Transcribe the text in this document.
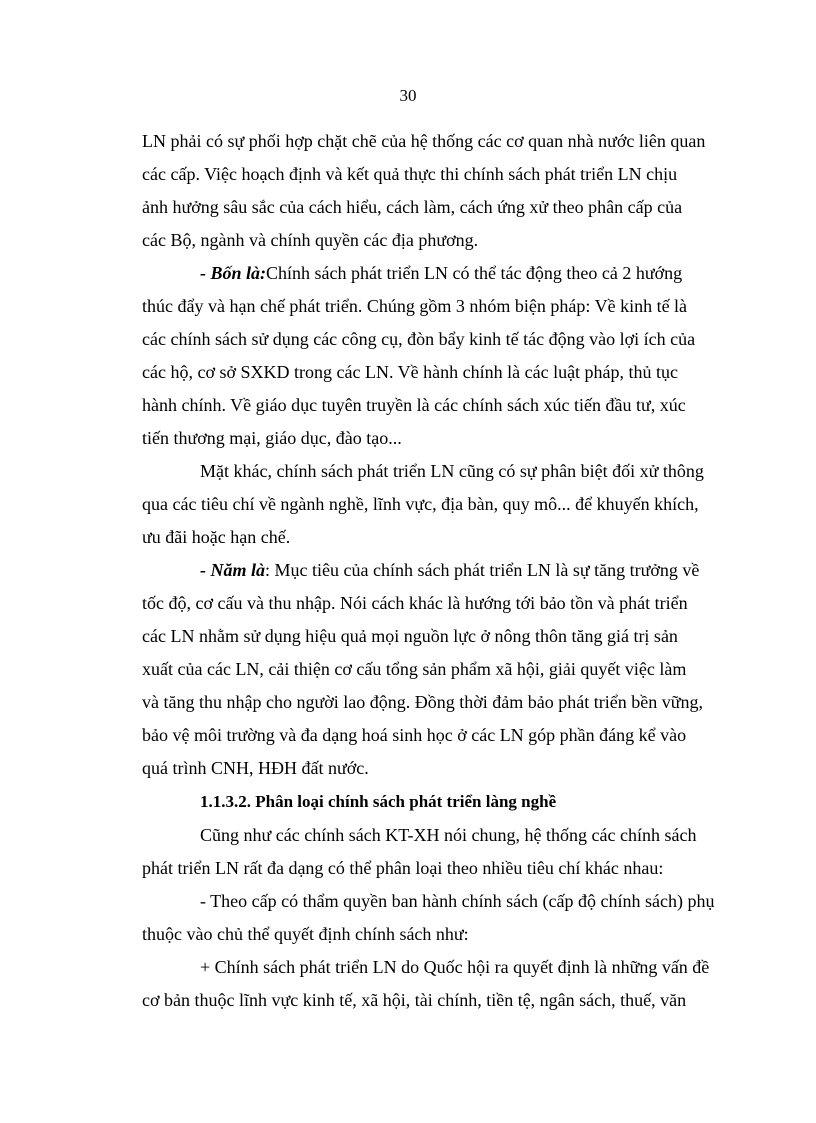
30
LN phải có sự phối hợp chặt chẽ của hệ thống các cơ quan nhà nước liên quan
các cấp. Việc hoạch định và kết quả thực thi chính sách phát triển LN chịu
ảnh hưởng sâu sắc của cách hiểu, cách làm, cách ứng xử theo phân cấp của
các Bộ, ngành và chính quyền các địa phương.
- Bốn là: Chính sách phát triển LN có thể tác động theo cả 2 hướng
thúc đẩy và hạn chế phát triển. Chúng gồm 3 nhóm biện pháp: Về kinh tế là
các chính sách sử dụng các công cụ, đòn bẩy kinh tế tác động vào lợi ích của
các hộ, cơ sở SXKD trong các LN. Về hành chính là các luật pháp, thủ tục
hành chính. Về giáo dục tuyên truyền là các chính sách xúc tiến đầu tư, xúc
tiến thương mại, giáo dục, đào tạo...
Mặt khác, chính sách phát triển LN cũng có sự phân biệt đối xử thông
qua các tiêu chí về ngành nghề, lĩnh vực, địa bàn, quy mô... để khuyến khích,
ưu đãi hoặc hạn chế.
- Năm là : Mục tiêu của chính sách phát triển LN là sự tăng trưởng về
tốc độ, cơ cấu và thu nhập. Nói cách khác là hướng tới bảo tồn và phát triển
các LN nhằm sử dụng hiệu quả mọi nguồn lực ở nông thôn tăng giá trị sản
xuất của các LN, cải thiện cơ cấu tổng sản phẩm xã hội, giải quyết việc làm
và tăng thu nhập cho người lao động. Đồng thời đảm bảo phát triển bền vững,
bảo vệ môi trường và đa dạng hoá sinh học ở các LN góp phần đáng kể vào
quá trình CNH, HĐH đất nước.
1.1.3.2. Phân loại chính sách phát triển làng nghề
Cũng như các chính sách KT-XH nói chung, hệ thống các chính sách
phát triển LN rất đa dạng có thể phân loại theo nhiều tiêu chí khác nhau:
- Theo cấp có thẩm quyền ban hành chính sách (cấp độ chính sách) phụ
thuộc vào chủ thể quyết định chính sách như:
+ Chính sách phát triển LN do Quốc hội ra quyết định là những vấn đề
cơ bản thuộc lĩnh vực kinh tế, xã hội, tài chính, tiền tệ, ngân sách, thuế, văn
